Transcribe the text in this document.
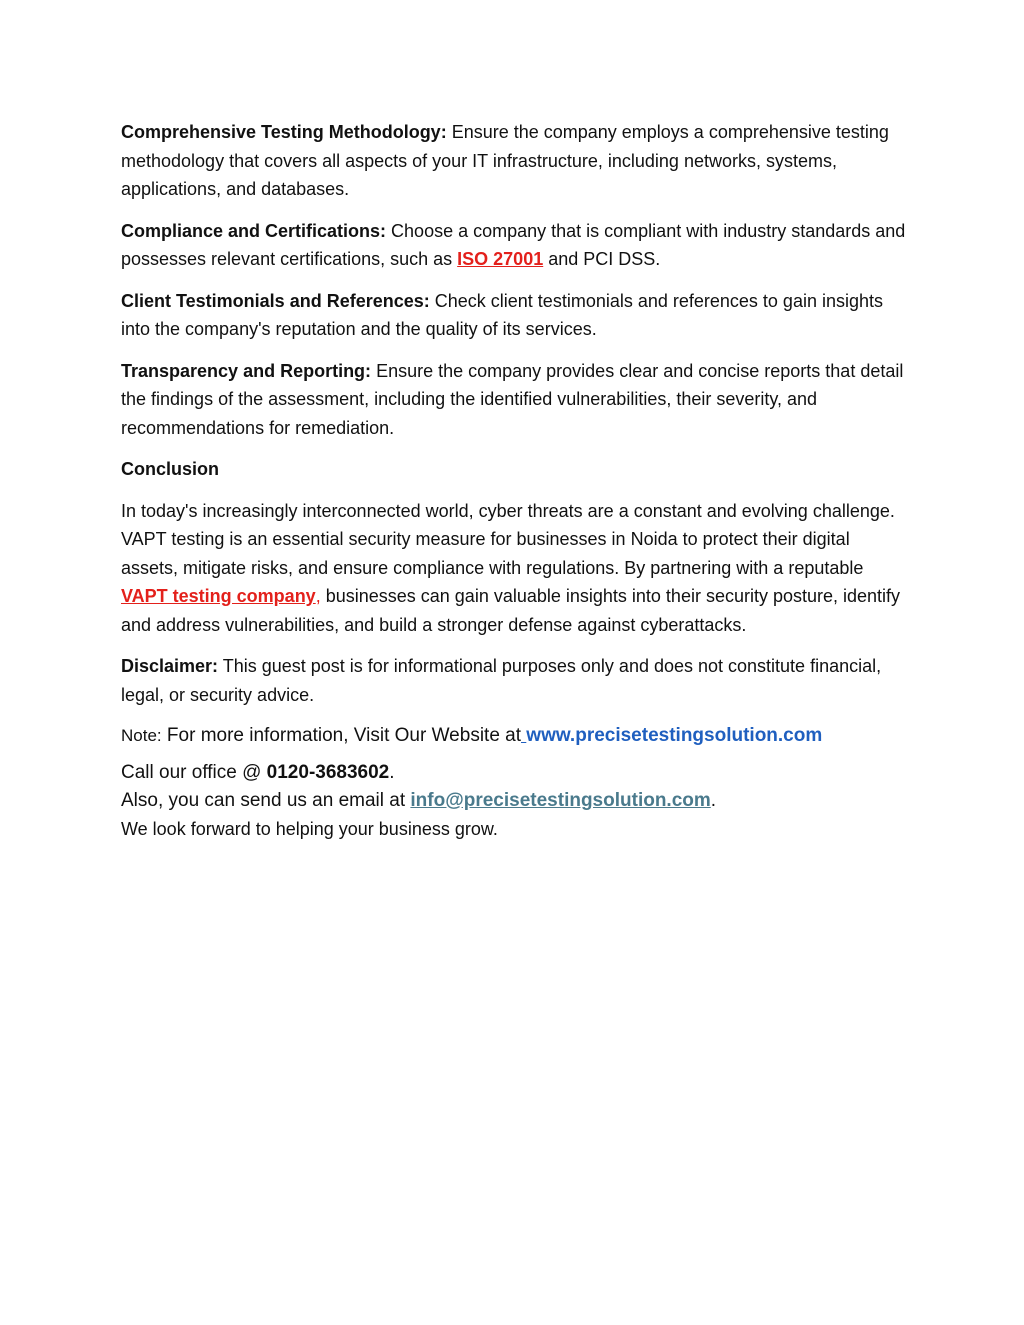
Comprehensive Testing Methodology: Ensure the company employs a comprehensive testing methodology that covers all aspects of your IT infrastructure, including networks, systems, applications, and databases.

Compliance and Certifications: Choose a company that is compliant with industry standards and possesses relevant certifications, such as ISO 27001 and PCI DSS.

Client Testimonials and References: Check client testimonials and references to gain insights into the company's reputation and the quality of its services.

Transparency and Reporting: Ensure the company provides clear and concise reports that detail the findings of the assessment, including the identified vulnerabilities, their severity, and recommendations for remediation.

Conclusion

In today's increasingly interconnected world, cyber threats are a constant and evolving challenge. VAPT testing is an essential security measure for businesses in Noida to protect their digital assets, mitigate risks, and ensure compliance with regulations. By partnering with a reputable VAPT testing company, businesses can gain valuable insights into their security posture, identify and address vulnerabilities, and build a stronger defense against cyberattacks.

Disclaimer: This guest post is for informational purposes only and does not constitute financial, legal, or security advice.

Note: For more information, Visit Our Website at www.precisetestingsolution.com

Call our office @ 0120-3683602.

Also, you can send us an email at info@precisetestingsolution.com.

We look forward to helping your business grow.
